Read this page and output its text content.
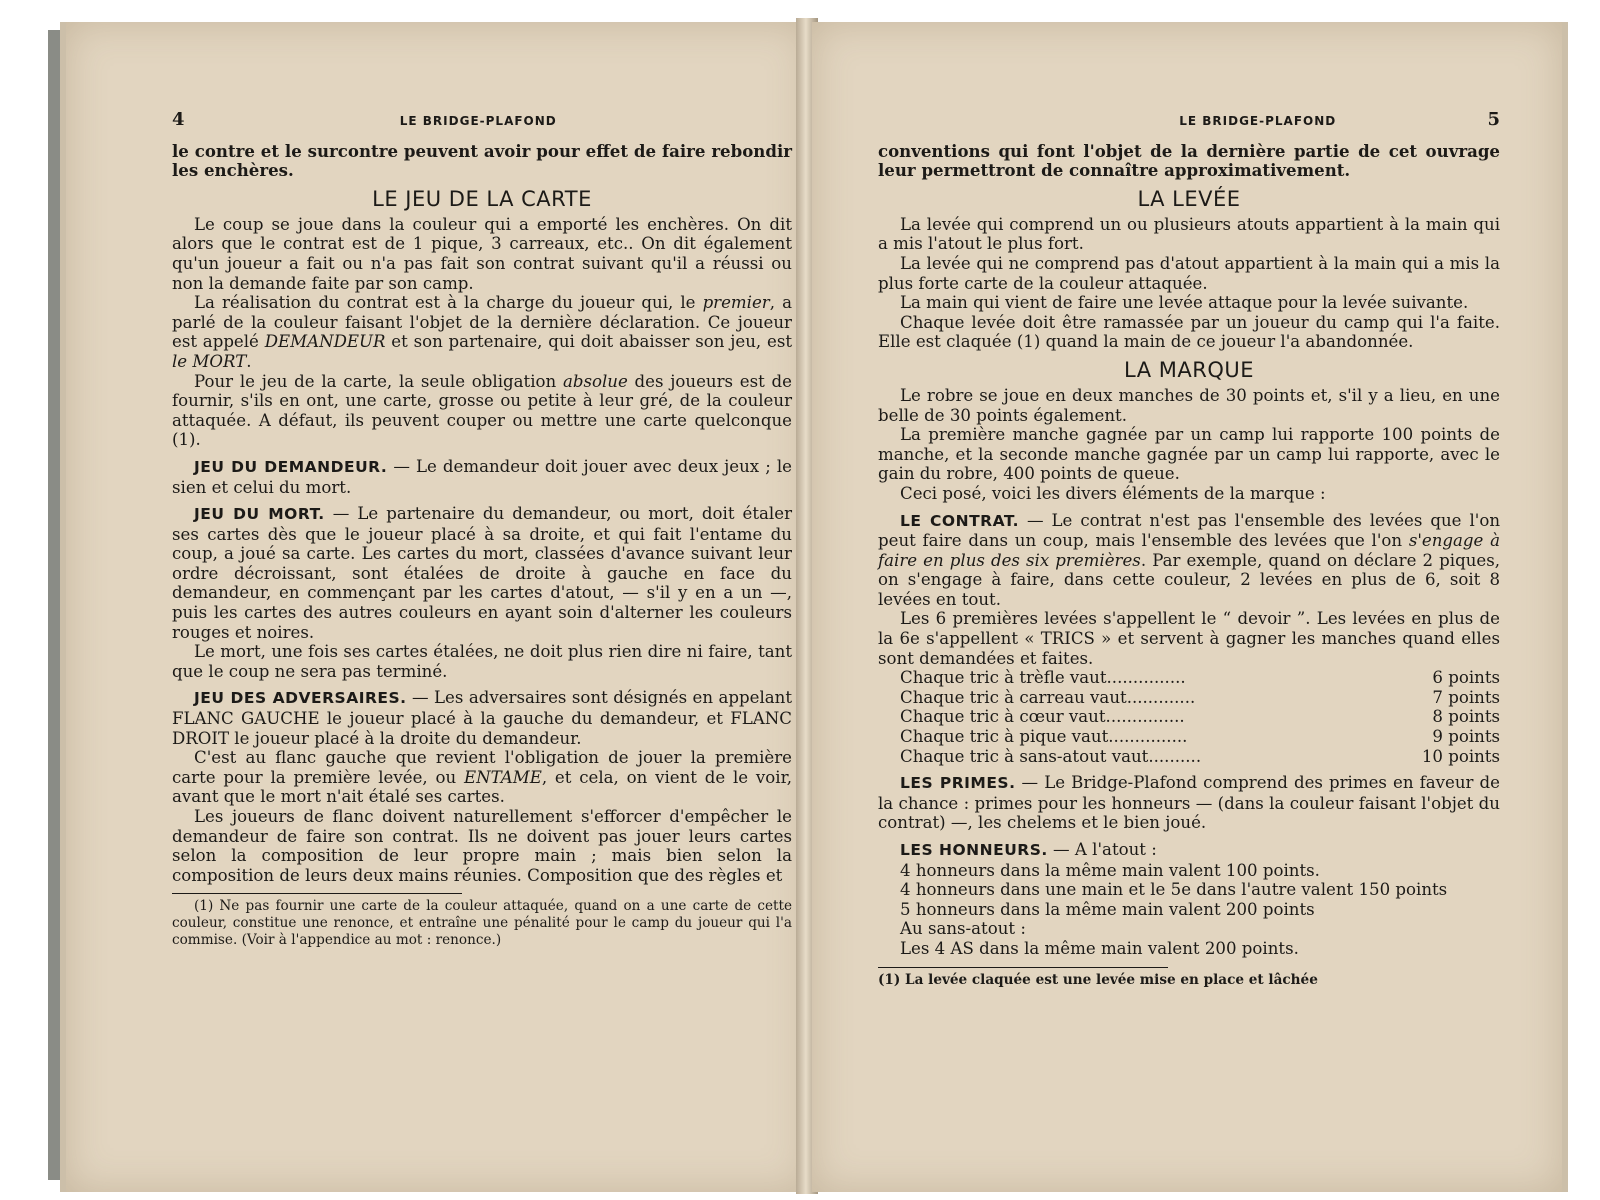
4	LE BRIDGE-PLAFOND

le contre et le surcontre peuvent avoir pour effet de faire rebondir les enchères.

LE JEU DE LA CARTE

Le coup se joue dans la couleur qui a emporté les enchères. On dit alors que le contrat est de 1 pique, 3 carreaux, etc.. On dit également qu'un joueur a fait ou n'a pas fait son contrat suivant qu'il a réussi ou non la demande faite par son camp.

La réalisation du contrat est à la charge du joueur qui, le premier, a parlé de la couleur faisant l'objet de la dernière déclaration. Ce joueur est appelé DEMANDEUR et son partenaire, qui doit abaisser son jeu, est le MORT.

Pour le jeu de la carte, la seule obligation absolue des joueurs est de fournir, s'ils en ont, une carte, grosse ou petite à leur gré, de la couleur attaquée. A défaut, ils peuvent couper ou mettre une carte quelconque (1).

JEU DU DEMANDEUR. — Le demandeur doit jouer avec deux jeux ; le sien et celui du mort.

JEU DU MORT. — Le partenaire du demandeur, ou mort, doit étaler ses cartes dès que le joueur placé à sa droite, et qui fait l'entame du coup, a joué sa carte. Les cartes du mort, classées d'avance suivant leur ordre décroissant, sont étalées de droite à gauche en face du demandeur, en commençant par les cartes d'atout, — s'il y en a un —, puis les cartes des autres couleurs en ayant soin d'alterner les couleurs rouges et noires.

Le mort, une fois ses cartes étalées, ne doit plus rien dire ni faire, tant que le coup ne sera pas terminé.

JEU DES ADVERSAIRES. — Les adversaires sont désignés en appelant FLANC GAUCHE le joueur placé à la gauche du demandeur, et FLANC DROIT le joueur placé à la droite du demandeur.

C'est au flanc gauche que revient l'obligation de jouer la première carte pour la première levée, ou ENTAME, et cela, on vient de le voir, avant que le mort n'ait étalé ses cartes.

Les joueurs de flanc doivent naturellement s'efforcer d'empêcher le demandeur de faire son contrat. Ils ne doivent pas jouer leurs cartes selon la composition de leur propre main ; mais bien selon la composition de leurs deux mains réunies. Composition que des règles et

(1) Ne pas fournir une carte de la couleur attaquée, quand on a une carte de cette couleur, constitue une renonce, et entraîne une pénalité pour le camp du joueur qui l'a commise. (Voir à l'appendice au mot : renonce.)

LE BRIDGE-PLAFOND	5

conventions qui font l'objet de la dernière partie de cet ouvrage leur permettront de connaître approximativement.

LA LEVÉE

La levée qui comprend un ou plusieurs atouts appartient à la main qui a mis l'atout le plus fort.

La levée qui ne comprend pas d'atout appartient à la main qui a mis la plus forte carte de la couleur attaquée.

La main qui vient de faire une levée attaque pour la levée suivante.

Chaque levée doit être ramassée par un joueur du camp qui l'a faite. Elle est claquée (1) quand la main de ce joueur l'a abandonnée.

LA MARQUE

Le robre se joue en deux manches de 30 points et, s'il y a lieu, en une belle de 30 points également.

La première manche gagnée par un camp lui rapporte 100 points de manche, et la seconde manche gagnée par un camp lui rapporte, avec le gain du robre, 400 points de queue.

Ceci posé, voici les divers éléments de la marque :

LE CONTRAT. — Le contrat n'est pas l'ensemble des levées que l'on peut faire dans un coup, mais l'ensemble des levées que l'on s'engage à faire en plus des six premières. Par exemple, quand on déclare 2 piques, on s'engage à faire, dans cette couleur, 2 levées en plus de 6, soit 8 levées en tout.

Les 6 premières levées s'appellent le “ devoir ”. Les levées en plus de la 6e s'appellent « TRICS » et servent à gagner les manches quand elles sont demandées et faites.

Chaque tric à trèfle vaut ...............	6 points
Chaque tric à carreau vaut .............	7 points
Chaque tric à cœur vaut ...............	8 points
Chaque tric à pique vaut ...............	9 points
Chaque tric à sans-atout vaut ..........	10 points

LES PRIMES. — Le Bridge-Plafond comprend des primes en faveur de la chance : primes pour les honneurs — (dans la couleur faisant l'objet du contrat) —, les chelems et le bien joué.

LES HONNEURS. — A l'atout :

4 honneurs dans la même main valent 100 points.
4 honneurs dans une main et le 5e dans l'autre valent 150 points
5 honneurs dans la même main valent 200 points
Au sans-atout :
Les 4 AS dans la même main valent 200 points.

(1) La levée claquée est une levée mise en place et lâchée
